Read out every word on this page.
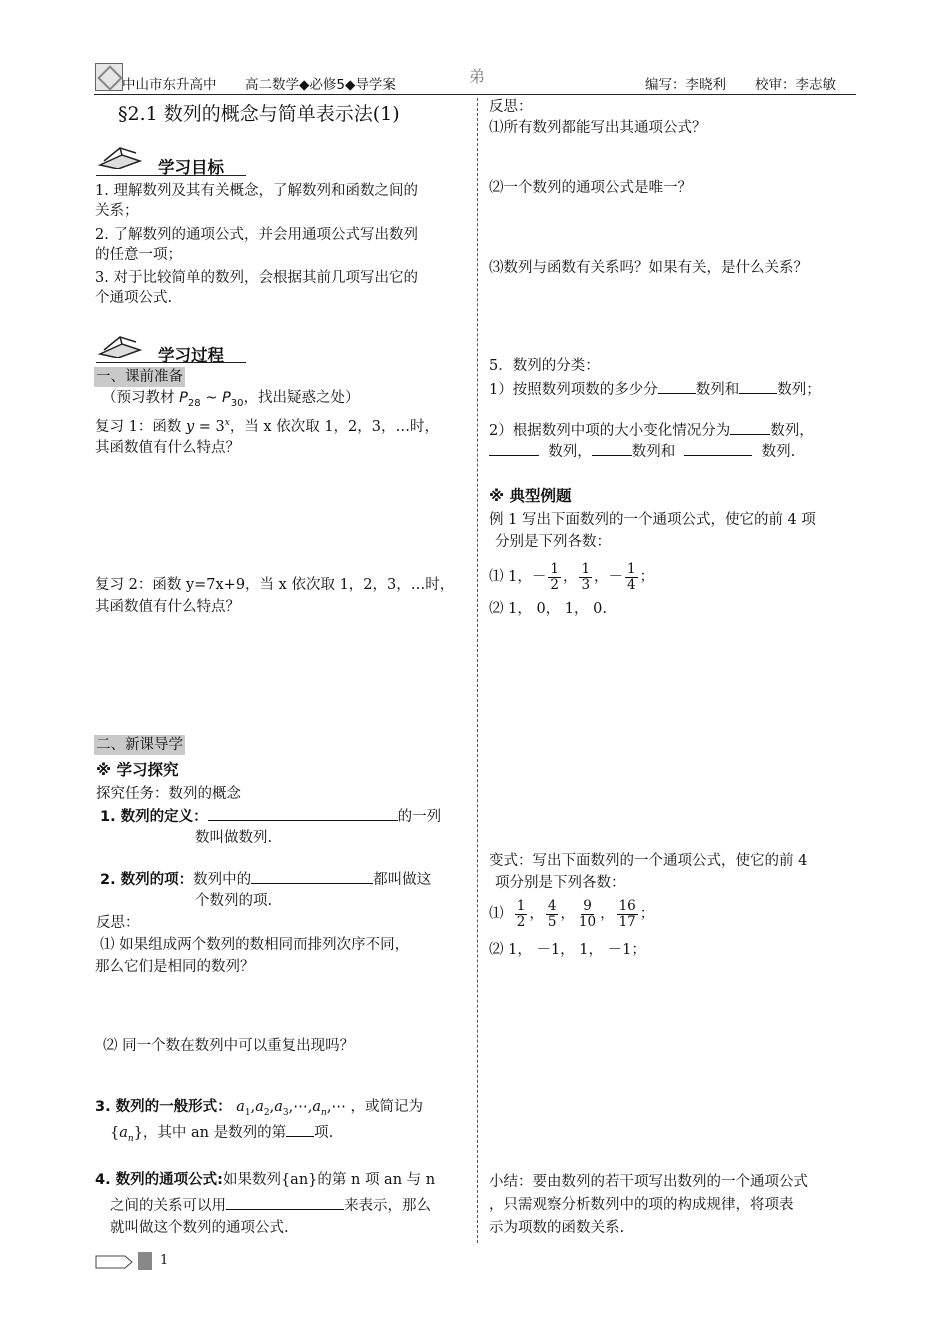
中山市东升高中 高二数学◆必修5◆导学案	弟	编写：李晓利 校审：李志敏
§2.1 数列的概念与简单表示法(1)
学习目标
1. 理解数列及其有关概念，了解数列和函数之间的
关系；
2. 了解数列的通项公式，并会用通项公式写出数列
的任意一项；
3. 对于比较简单的数列，会根据其前几项写出它的
个通项公式.
学习过程
一、课前准备
（预习教材 $P_{28}$ ~ $P_{30}$，找出疑惑之处）
复习 1：函数 $y = 3^x$，当 x 依次取 1，2，3，…时，
其函数值有什么特点？
复习 2：函数 y=7x+9，当 x 依次取 1，2，3，…时，
其函数值有什么特点？
二、新课导学
※ 学习探究
探究任务：数列的概念
1. 数列的定义：	的一列
数叫做数列.
2. 数列的项：数列中的	都叫做这
个数列的项.
反思：
⑴ 如果组成两个数列的数相同而排列次序不同，
那么它们是相同的数列？
⑵ 同一个数在数列中可以重复出现吗？
3. 数列的一般形式： $a_1,a_2,a_3,\cdots,a_n,\cdots$ ，或简记为
$\{a_n\}$，其中 an 是数列的第 项.
4. 数列的通项公式:如果数列{an}的第 n 项 an 与 n
之间的关系可以用	来表示，那么
就叫做这个数列的通项公式.
反思：
⑴所有数列都能写出其通项公式？
⑵一个数列的通项公式是唯一？
⑶数列与函数有关系吗？如果有关，是什么关系？
5．数列的分类：
1）按照数列项数的多少分	数列和	数列；
2）根据数列中项的大小变化情况分为	数列，
数列，	数列和	数列.
※ 典型例题
例 1 写出下面数列的一个通项公式，使它的前 4 项
分别是下列各数：
⑴ 1，－ $\frac{1}{2}$ ， $\frac{1}{3}$ ，－ $\frac{1}{4}$ ；
⑵ 1， 0， 1， 0.
变式：写出下面数列的一个通项公式，使它的前 4
项分别是下列各数：
⑴ $\frac{1}{2}$ ， $\frac{4}{5}$ ， $\frac{9}{10}$ ， $\frac{16}{17}$ ；
⑵ 1， －1， 1， －1；
小结：要由数列的若干项写出数列的一个通项公式
，只需观察分析数列中的项的构成规律，将项表
示为项数的函数关系.
1
